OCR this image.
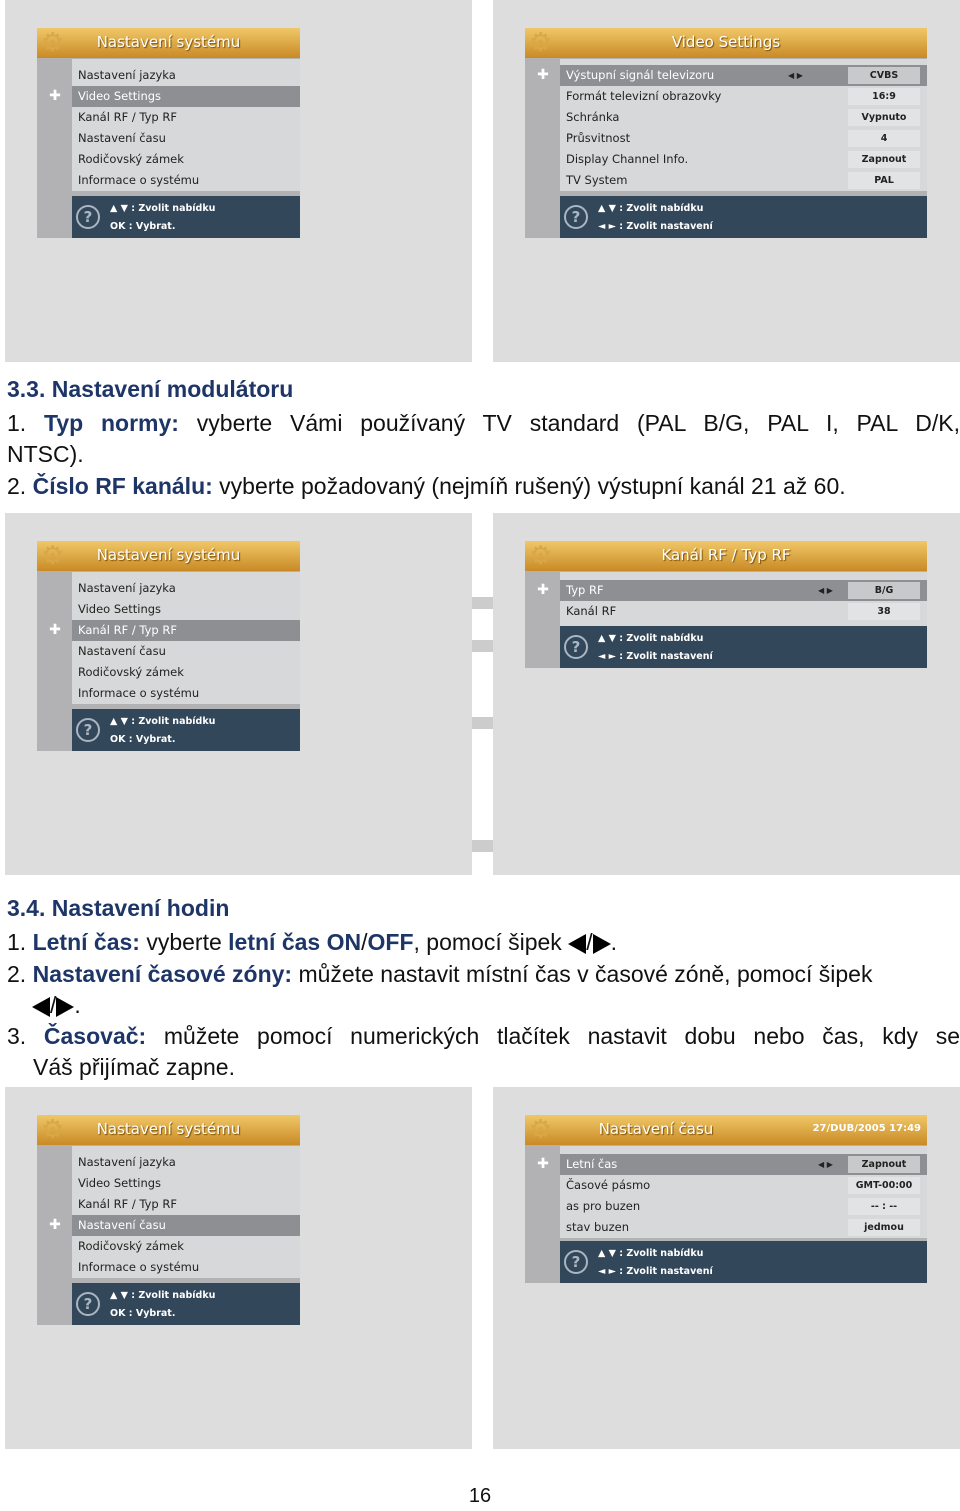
⚙	Nastavení systému
Nastavení jazyka
✚ Video Settings
Kanál RF / Typ RF
Nastavení času
Rodičovský zámek
Informace o systému
?	▲ ▼ : Zvolit nabídku
OK : Vybrat.
⚙	Video Settings
✚ Výstupní signál televizoru	◀ ▶	CVBS
Formát televizní obrazovky	16:9
Schránka	Vypnuto
Průsvitnost	4
Display Channel Info.	Zapnout
TV System	PAL
?	▲ ▼ : Zvolit nabídku
◄ ► : Zvolit nastavení
3.3. Nastavení modulátoru
1. Typ normy: vyberte Vámi používaný TV standard (PAL B/G, PAL I, PAL D/K,
NTSC).
2. Číslo RF kanálu: vyberte požadovaný (nejmíň rušený) výstupní kanál 21 až 60.
⚙	Nastavení systému
Nastavení jazyka
Video Settings
✚ Kanál RF / Typ RF
Nastavení času
Rodičovský zámek
Informace o systému
?	▲ ▼ : Zvolit nabídku
OK : Vybrat.
⚙	Kanál RF / Typ RF
✚ Typ RF	◀ ▶	B/G
Kanál RF	38
?	▲ ▼ : Zvolit nabídku
◄ ► : Zvolit nastavení
3.4. Nastavení hodin
1. Letní čas: vyberte letní čas ON/OFF, pomocí šipek / .
2. Nastavení časové zóny: můžete nastavit místní čas v časové zóně, pomocí šipek
/ .
3. Časovač: můžete pomocí numerických tlačítek nastavit dobu nebo čas, kdy se
Váš přijímač zapne.
⚙	Nastavení systému
Nastavení jazyka
Video Settings
Kanál RF / Typ RF
✚ Nastavení času
Rodičovský zámek
Informace o systému
?	▲ ▼ : Zvolit nabídku
OK : Vybrat.
⚙	Nastavení času	27/DUB/2005 17:49
✚ Letní čas	◀ ▶	Zapnout
Časové pásmo	GMT-00:00
as pro buzen	-- : --
stav buzen	jedmou
?	▲ ▼ : Zvolit nabídku
◄ ► : Zvolit nastavení
16
